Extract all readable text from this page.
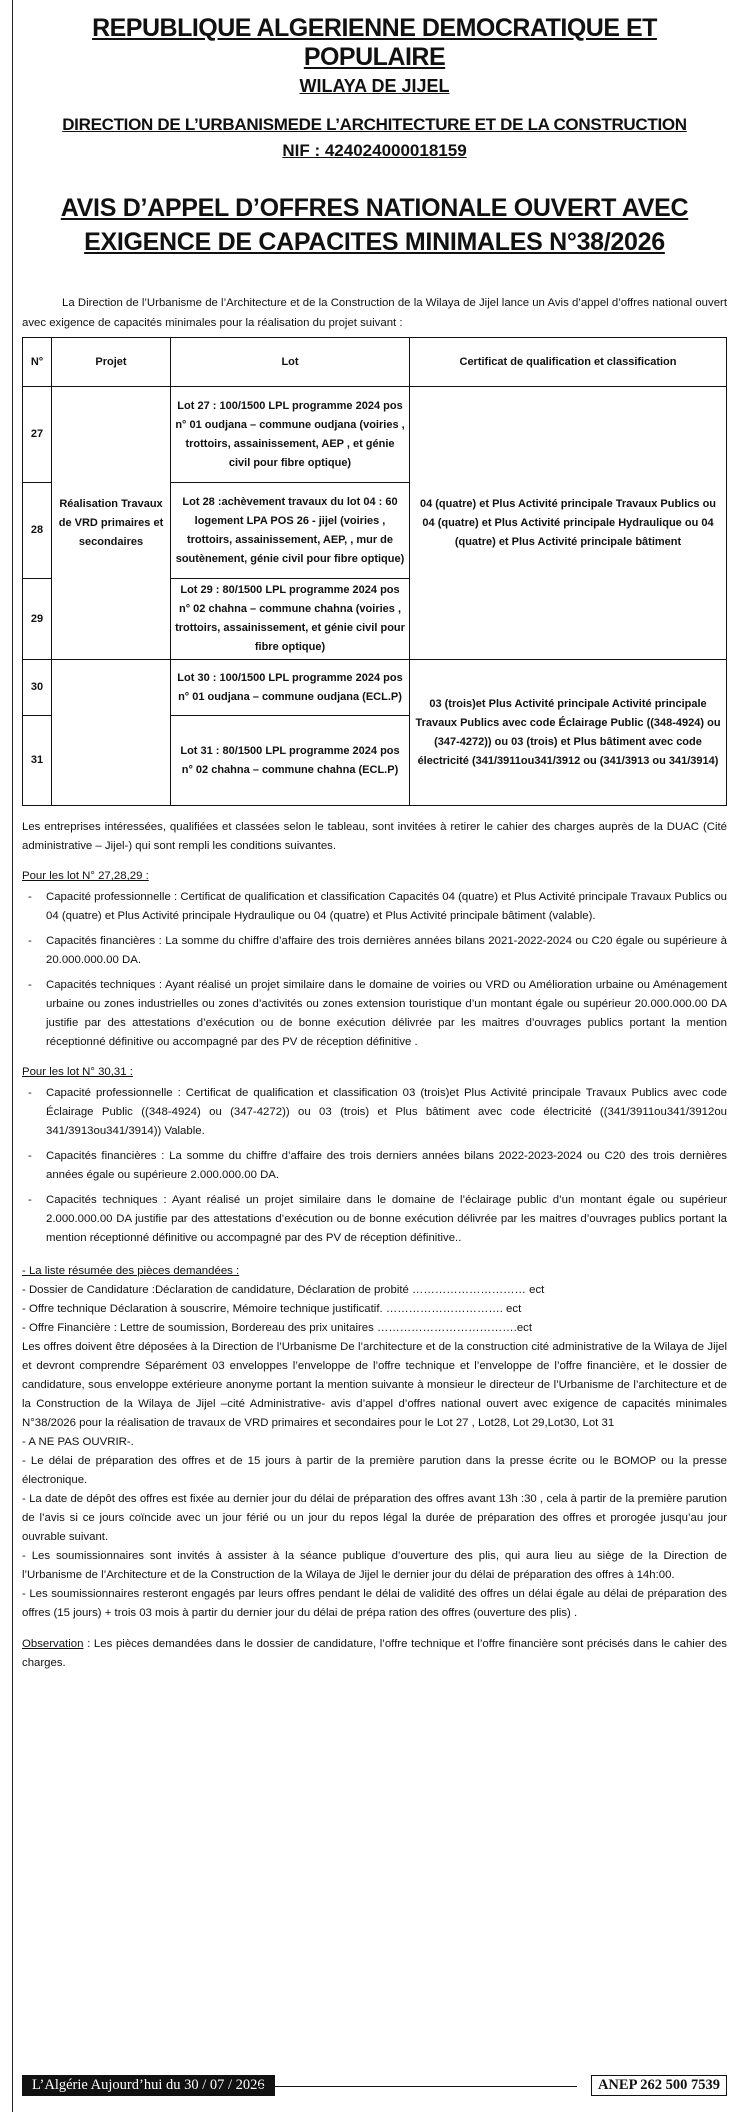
REPUBLIQUE ALGERIENNE DEMOCRATIQUE ET POPULAIRE
WILAYA DE JIJEL
DIRECTION DE L’URBANISMEDE L’ARCHITECTURE ET DE LA CONSTRUCTION
NIF : 424024000018159
AVIS D’APPEL D’OFFRES NATIONALE OUVERT AVEC
EXIGENCE DE CAPACITES MINIMALES N°38/2026
La Direction de l’Urbanisme de l’Architecture et de la Construction de la Wilaya de Jijel lance un Avis d’appel d’offres national ouvert avec exigence de capacités minimales pour la réalisation du projet suivant :
N°	Projet	Lot	Certificat de qualification et classification
27	Réalisation Travaux de VRD primaires et secondaires	Lot 27 : 100/1500 LPL programme 2024 pos n° 01 oudjana – commune oudjana (voiries , trottoirs, assainissement, AEP , et génie civil pour fibre optique)	04 (quatre) et Plus Activité principale Travaux Publics ou 04 (quatre) et Plus Activité principale Hydraulique ou 04 (quatre) et Plus Activité principale bâtiment
28		Lot 28 :achèvement travaux du lot 04 : 60 logement LPA POS 26 - jijel (voiries , trottoirs, assainissement, AEP, , mur de soutènement, génie civil pour fibre optique)	
29		Lot 29 : 80/1500 LPL programme 2024 pos n° 02 chahna – commune chahna (voiries , trottoirs, assainissement, et génie civil pour fibre optique)	
30		Lot 30 : 100/1500 LPL programme 2024 pos n° 01 oudjana – commune oudjana (ECL.P)	03 (trois)et Plus Activité principale Activité principale Travaux Publics avec code Éclairage Public ((348-4924) ou (347-4272)) ou 03 (trois) et Plus bâtiment avec code électricité (341/3911ou341/3912 ou (341/3913 ou 341/3914)
31		Lot 31 : 80/1500 LPL programme 2024 pos n° 02 chahna – commune chahna (ECL.P)	
Les entreprises intéressées, qualifiées et classées selon le tableau, sont invitées à retirer le cahier des charges auprès de la DUAC (Cité administrative – Jijel-) qui sont rempli les conditions suivantes.
Pour les lot N° 27,28,29 :
- Capacité professionnelle : Certificat de qualification et classification Capacités 04 (quatre) et Plus Activité principale Travaux Publics ou 04 (quatre) et Plus Activité principale Hydraulique ou 04 (quatre) et Plus Activité principale bâtiment (valable).
- Capacités financières : La somme du chiffre d’affaire des trois dernières années bilans 2021-2022-2024 ou C20 égale ou supérieure à 20.000.000.00 DA.
- Capacités techniques : Ayant réalisé un projet similaire dans le domaine de voiries ou VRD ou Amélioration urbaine ou Aménagement urbaine ou zones industrielles ou zones d’activités ou zones extension touristique d’un montant égale ou supérieur 20.000.000.00 DA justifie par des attestations d’exécution ou de bonne exécution délivrée par les maitres d’ouvrages publics portant la mention réceptionné définitive ou accompagné par des PV de réception définitive .
Pour les lot N° 30,31 :
- Capacité professionnelle : Certificat de qualification et classification 03 (trois)et Plus Activité principale Travaux Publics avec code Éclairage Public ((348-4924) ou (347-4272)) ou 03 (trois) et Plus bâtiment avec code électricité ((341/3911ou341/3912ou 341/3913ou341/3914)) Valable.
- Capacités financières : La somme du chiffre d’affaire des trois derniers années bilans 2022-2023-2024 ou C20 des trois dernières années égale ou supérieure 2.000.000.00 DA.
- Capacités techniques : Ayant réalisé un projet similaire dans le domaine de l’éclairage public d’un montant égale ou supérieur 2.000.000.00 DA justifie par des attestations d’exécution ou de bonne exécution délivrée par les maitres d’ouvrages publics portant la mention réceptionné définitive ou accompagné par des PV de réception définitive..
- La liste résumée des pièces demandées :
- Dossier de Candidature :Déclaration de candidature, Déclaration de probité ………………………… ect
- Offre technique Déclaration à souscrire, Mémoire technique justificatif. …………………………. ect
- Offre Financière : Lettre de soumission, Bordereau des prix unitaires ……………………………….ect
Les offres doivent être déposées à la Direction de l’Urbanisme De l’architecture et de la construction cité administrative de la Wilaya de Jijel et devront comprendre Séparément 03 enveloppes l’enveloppe de l’offre technique et l’enveloppe de l’offre financière, et le dossier de candidature, sous enveloppe extérieure anonyme portant la mention suivante à monsieur le directeur de l’Urbanisme de l’architecture et de la Construction de la Wilaya de Jijel –cité Administrative- avis d’appel d’offres national ouvert avec exigence de capacités minimales N°38/2026 pour la réalisation de travaux de VRD primaires et secondaires pour le Lot 27 , Lot28, Lot 29,Lot30, Lot 31
- A NE PAS OUVRIR-.
- Le délai de préparation des offres et de 15 jours à partir de la première parution dans la presse écrite ou le BOMOP ou la presse électronique.
- La date de dépôt des offres est fixée au dernier jour du délai de préparation des offres avant 13h :30 , cela à partir de la première parution de l’avis si ce jours coïncide avec un jour férié ou un jour du repos légal la durée de préparation des offres et prorogée jusqu’au jour ouvrable suivant.
- Les soumissionnaires sont invités à assister à la séance publique d’ouverture des plis, qui aura lieu au siège de la Direction de l’Urbanisme de l’Architecture et de la Construction de la Wilaya de Jijel le dernier jour du délai de préparation des offres à 14h:00.
- Les soumissionnaires resteront engagés par leurs offres pendant le délai de validité des offres un délai égale au délai de préparation des offres (15 jours) + trois 03 mois à partir du dernier jour du délai de prépa ration des offres (ouverture des plis) .
Observation : Les pièces demandées dans le dossier de candidature, l’offre technique et l’offre financière sont précisés dans le cahier des charges.
L’Algérie Aujourd’hui du 30 / 07 / 2026	ANEP 262 500 7539
